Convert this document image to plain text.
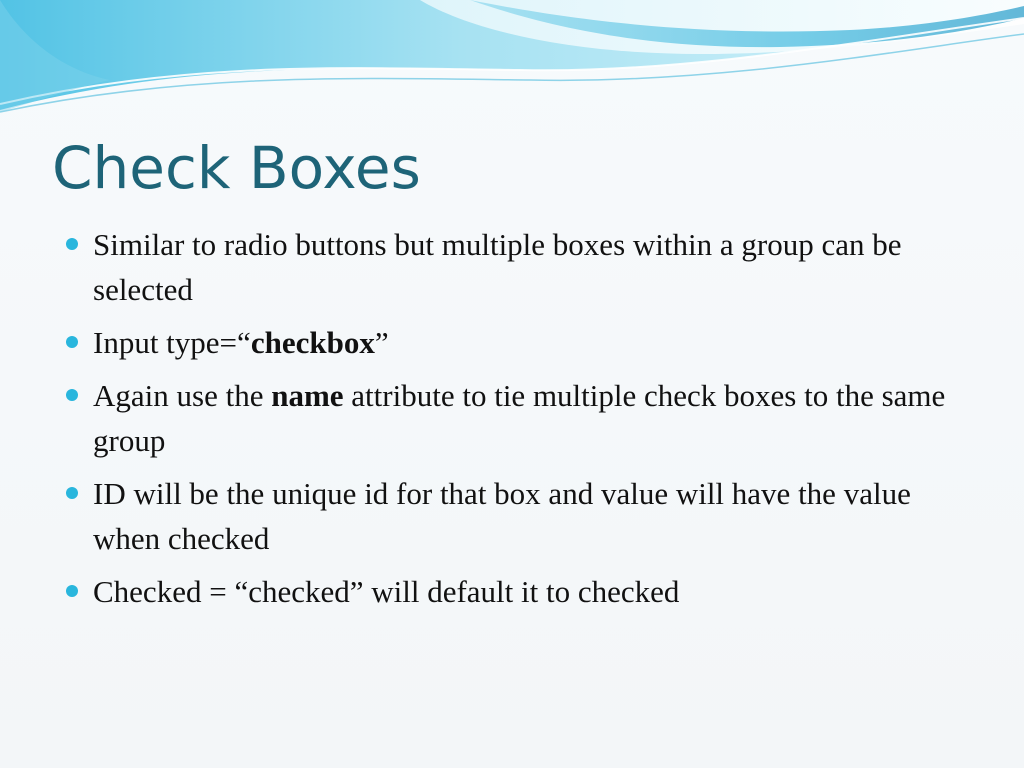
Check Boxes
Similar to radio buttons but multiple boxes within a group can be selected
Input type=“checkbox”
Again use the name attribute to tie multiple check boxes to the same group
ID will be the unique id for that box and value will have the value when checked
Checked = “checked” will default it to checked
